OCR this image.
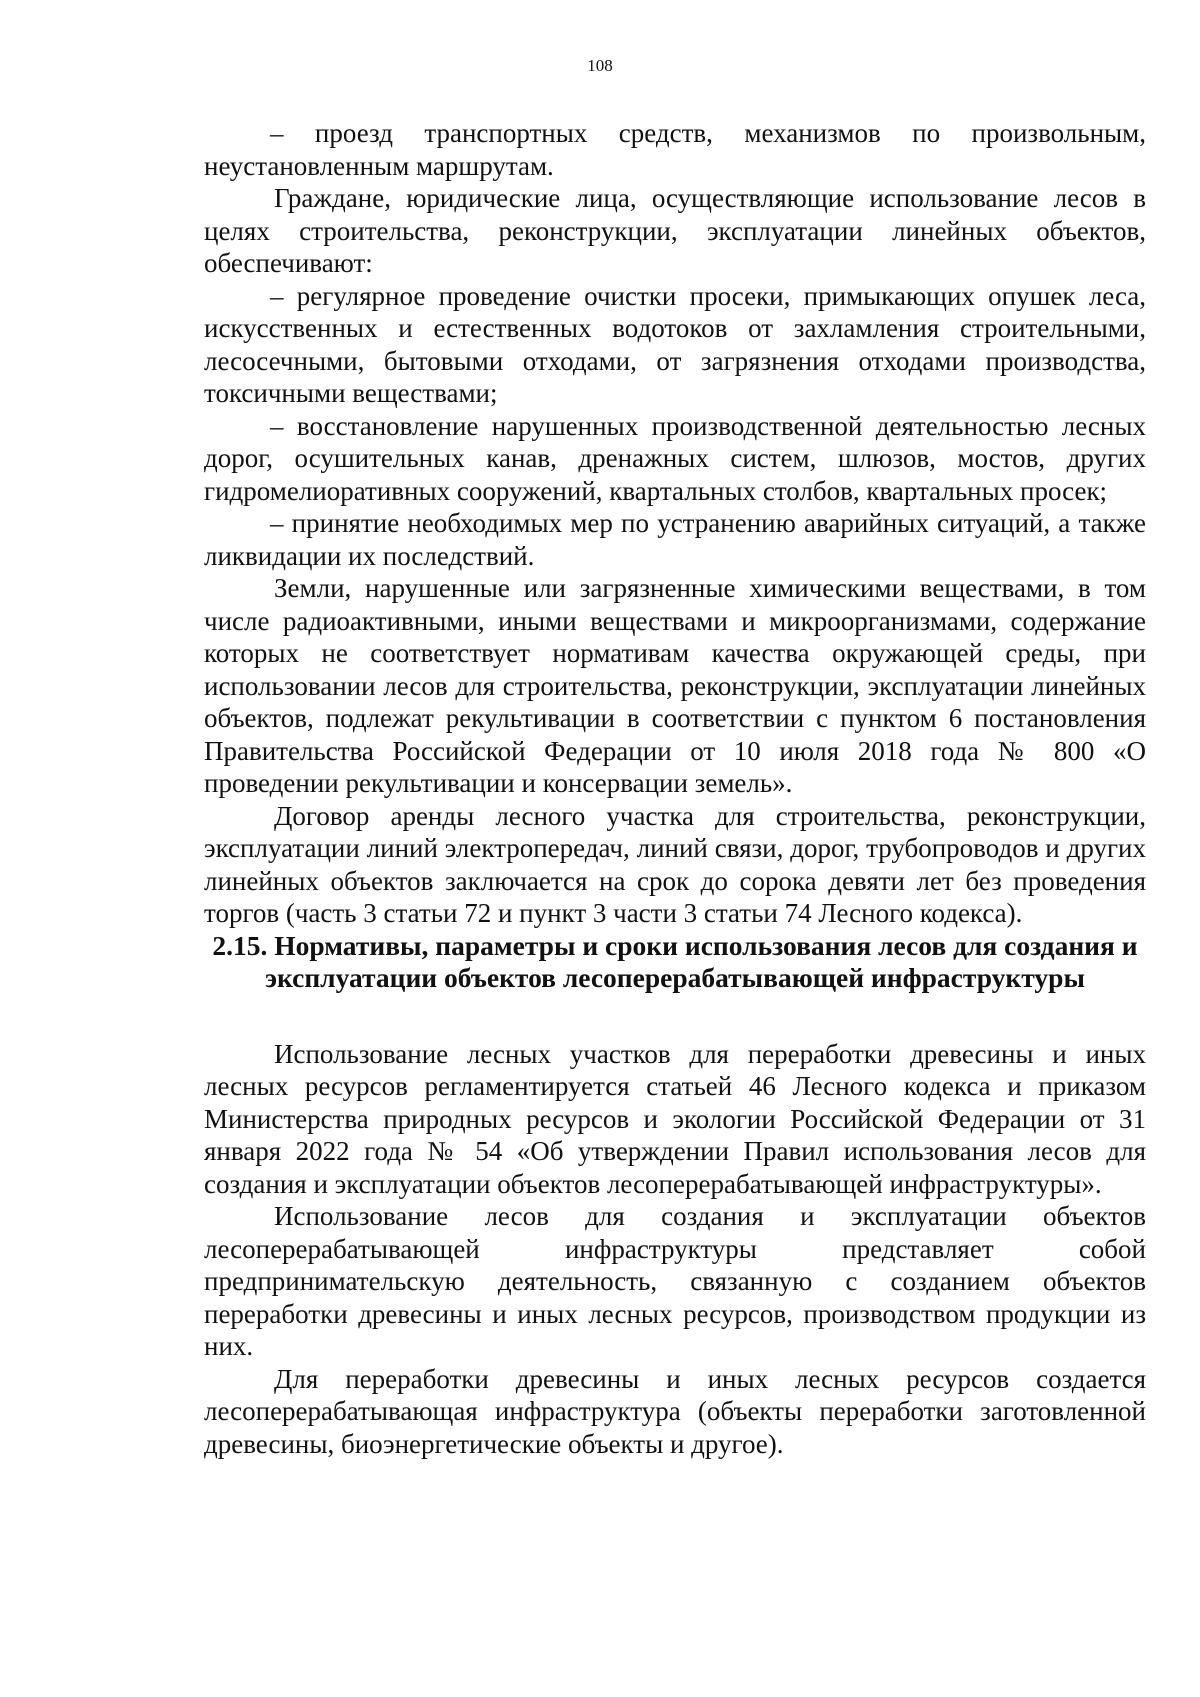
108

– проезд транспортных средств, механизмов по произвольным, неустановленным маршрутам.

Граждане, юридические лица, осуществляющие использование лесов в целях строительства, реконструкции, эксплуатации линейных объектов, обеспечивают:

– регулярное проведение очистки просеки, примыкающих опушек леса, искусственных и естественных водотоков от захламления строительными, лесосечными, бытовыми отходами, от загрязнения отходами производства, токсичными веществами;

– восстановление нарушенных производственной деятельностью лесных дорог, осушительных канав, дренажных систем, шлюзов, мостов, других гидромелиоративных сооружений, квартальных столбов, квартальных просек;

– принятие необходимых мер по устранению аварийных ситуаций, а также ликвидации их последствий.

Земли, нарушенные или загрязненные химическими веществами, в том числе радиоактивными, иными веществами и микроорганизмами, содержание которых не соответствует нормативам качества окружающей среды, при использовании лесов для строительства, реконструкции, эксплуатации линейных объектов, подлежат рекультивации в соответствии с пунктом 6 постановления Правительства Российской Федерации от 10 июля 2018 года № 800 «О проведении рекультивации и консервации земель».

Договор аренды лесного участка для строительства, реконструкции, эксплуатации линий электропередач, линий связи, дорог, трубопроводов и других линейных объектов заключается на срок до сорока девяти лет без проведения торгов (часть 3 статьи 72 и пункт 3 части 3 статьи 74 Лесного кодекса).

2.15. Нормативы, параметры и сроки использования лесов для создания и эксплуатации объектов лесоперерабатывающей инфраструктуры

Использование лесных участков для переработки древесины и иных лесных ресурсов регламентируется статьей 46 Лесного кодекса и приказом Министерства природных ресурсов и экологии Российской Федерации от 31 января 2022 года № 54 «Об утверждении Правил использования лесов для создания и эксплуатации объектов лесоперерабатывающей инфраструктуры».

Использование лесов для создания и эксплуатации объектов лесоперерабатывающей инфраструктуры представляет собой предпринимательскую деятельность, связанную с созданием объектов переработки древесины и иных лесных ресурсов, производством продукции из них.

Для переработки древесины и иных лесных ресурсов создается лесоперерабатывающая инфраструктура (объекты переработки заготовленной древесины, биоэнергетические объекты и другое).
